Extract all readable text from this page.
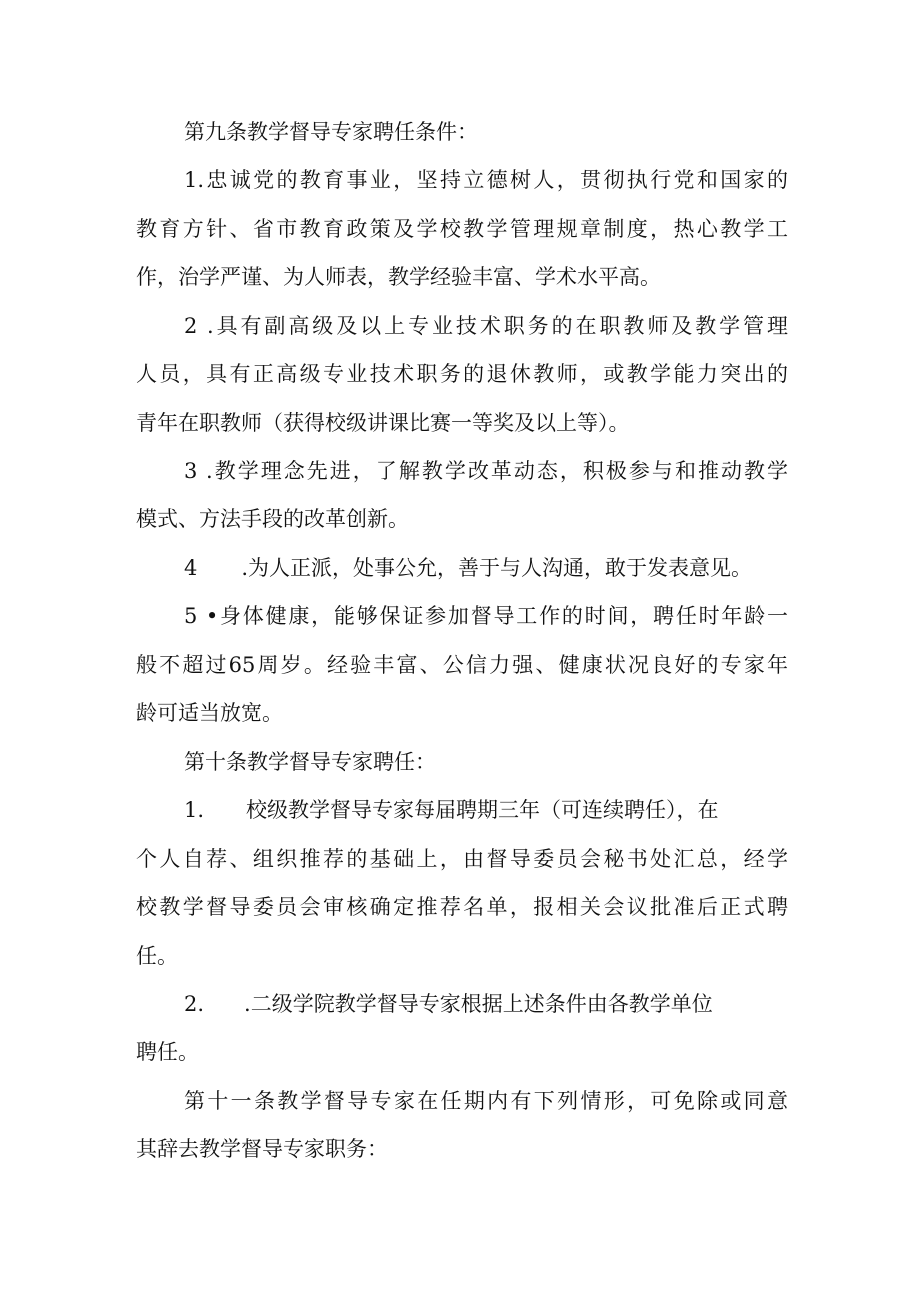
第九条教学督导专家聘任条件：
1.忠诚党的教育事业，坚持立德树人，贯彻执行党和国家的
教育方针、省市教育政策及学校教学管理规章制度，热心教学工
作，治学严谨、为人师表，教学经验丰富、学术水平高。
2 .具有副高级及以上专业技术职务的在职教师及教学管理
人员，具有正高级专业技术职务的退休教师，或教学能力突出的
青年在职教师（获得校级讲课比赛一等奖及以上等）。
3 .教学理念先进，了解教学改革动态，积极参与和推动教学
模式、方法手段的改革创新。
4 .为人正派，处事公允，善于与人沟通，敢于发表意见。
5 •身体健康，能够保证参加督导工作的时间，聘任时年龄一
般不超过65周岁。经验丰富、公信力强、健康状况良好的专家年
龄可适当放宽。
第十条教学督导专家聘任：
1. 校级教学督导专家每届聘期三年（可连续聘任），在
个人自荐、组织推荐的基础上，由督导委员会秘书处汇总，经学
校教学督导委员会审核确定推荐名单，报相关会议批准后正式聘
任。
2. .二级学院教学督导专家根据上述条件由各教学单位
聘任。
第十一条教学督导专家在任期内有下列情形，可免除或同意
其辞去教学督导专家职务：
